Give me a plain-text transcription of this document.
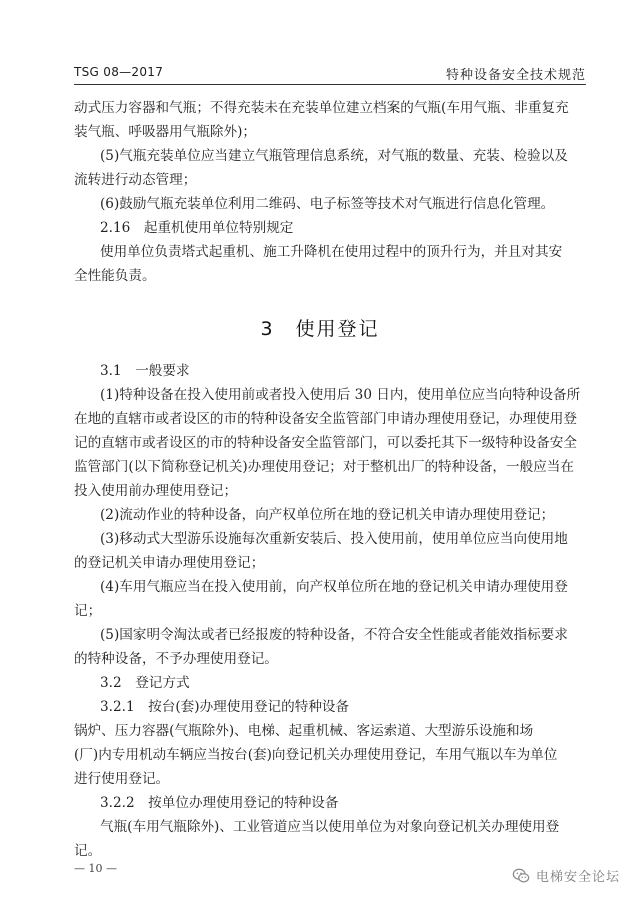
TSG 08—2017	特种设备安全技术规范
动式压力容器和气瓶；不得充装未在充装单位建立档案的气瓶(车用气瓶、非重复充
装气瓶、呼吸器用气瓶除外)；
(5)气瓶充装单位应当建立气瓶管理信息系统，对气瓶的数量、充装、检验以及
流转进行动态管理；
(6)鼓励气瓶充装单位利用二维码、电子标签等技术对气瓶进行信息化管理。
2.16　起重机使用单位特别规定
使用单位负责塔式起重机、施工升降机在使用过程中的顶升行为，并且对其安
全性能负责。
3　使用登记
3.1　一般要求
(1)特种设备在投入使用前或者投入使用后 30 日内，使用单位应当向特种设备所
在地的直辖市或者设区的市的特种设备安全监管部门申请办理使用登记，办理使用登
记的直辖市或者设区的市的特种设备安全监管部门，可以委托其下一级特种设备安全
监管部门(以下简称登记机关)办理使用登记；对于整机出厂的特种设备，一般应当在
投入使用前办理使用登记；
(2)流动作业的特种设备，向产权单位所在地的登记机关申请办理使用登记；
(3)移动式大型游乐设施每次重新安装后、投入使用前，使用单位应当向使用地
的登记机关申请办理使用登记；
(4)车用气瓶应当在投入使用前，向产权单位所在地的登记机关申请办理使用登
记；
(5)国家明令淘汰或者已经报废的特种设备，不符合安全性能或者能效指标要求
的特种设备，不予办理使用登记。
3.2　登记方式
3.2.1　按台(套)办理使用登记的特种设备
锅炉、压力容器(气瓶除外)、电梯、起重机械、客运索道、大型游乐设施和场
(厂)内专用机动车辆应当按台(套)向登记机关办理使用登记，车用气瓶以车为单位
进行使用登记。
3.2.2　按单位办理使用登记的特种设备
气瓶(车用气瓶除外)、工业管道应当以使用单位为对象向登记机关办理使用登
记。
— 10 —
电梯安全论坛
